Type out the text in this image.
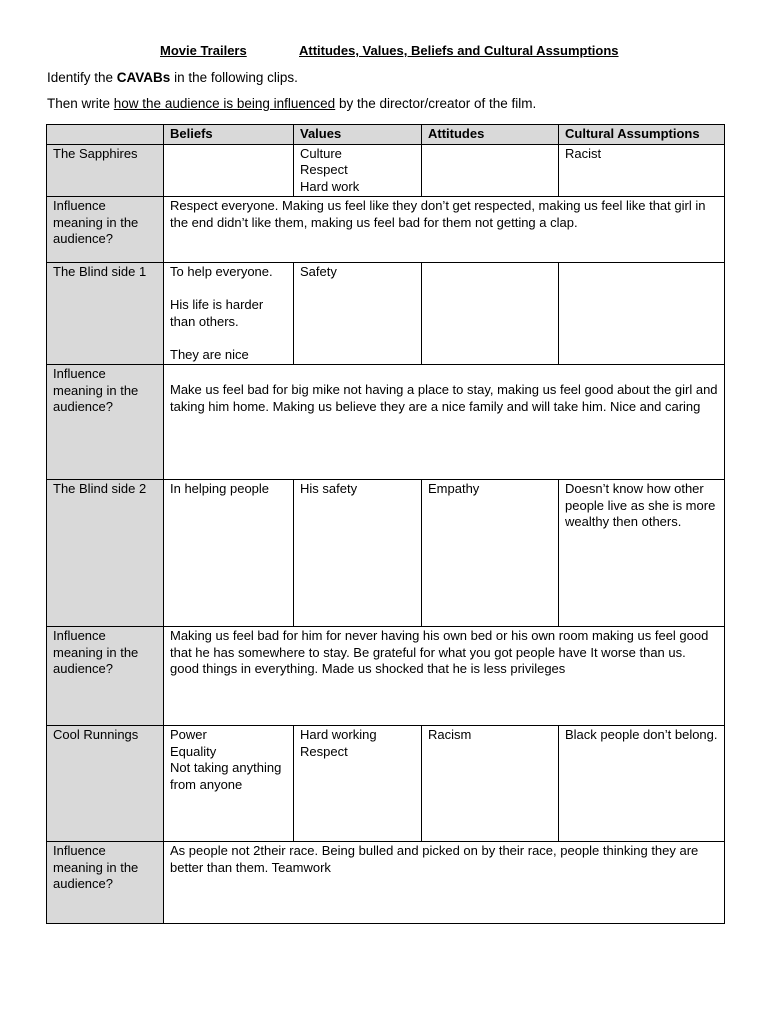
Movie Trailers	Attitudes, Values, Beliefs and Cultural Assumptions
Identify the CAVABs in the following clips.
Then write how the audience is being influenced by the director/creator of the film.
	Beliefs	Values	Attitudes	Cultural Assumptions
The Sapphires		Culture
Respect
Hard work		Racist
Influence meaning in the audience?	Respect everyone. Making us feel like they don’t get respected, making us feel like that girl in the end didn’t like them, making us feel bad for them not getting a clap.			
The Blind side 1	To help everyone.

His life is harder than others.

They are nice	Safety		
Influence meaning in the audience?	Make us feel bad for big mike not having a place to stay, making us feel good about the girl and taking him home. Making us believe they are a nice family and will take him. Nice and caring			
The Blind side 2	In helping people	His safety	Empathy	Doesn’t know how other people live as she is more wealthy then others.
Influence meaning in the audience?	Making us feel bad for him for never having his own bed or his own room making us feel good that he has somewhere to stay. Be grateful for what you got people have It worse than us. good things in everything. Made us shocked that he is less privileges			
Cool Runnings	Power
Equality
Not taking anything from anyone	Hard working
Respect	Racism	Black people don’t belong.
Influence meaning in the audience?	As people not 2their race. Being bulled and picked on by their race, people thinking they are better than them. Teamwork			
